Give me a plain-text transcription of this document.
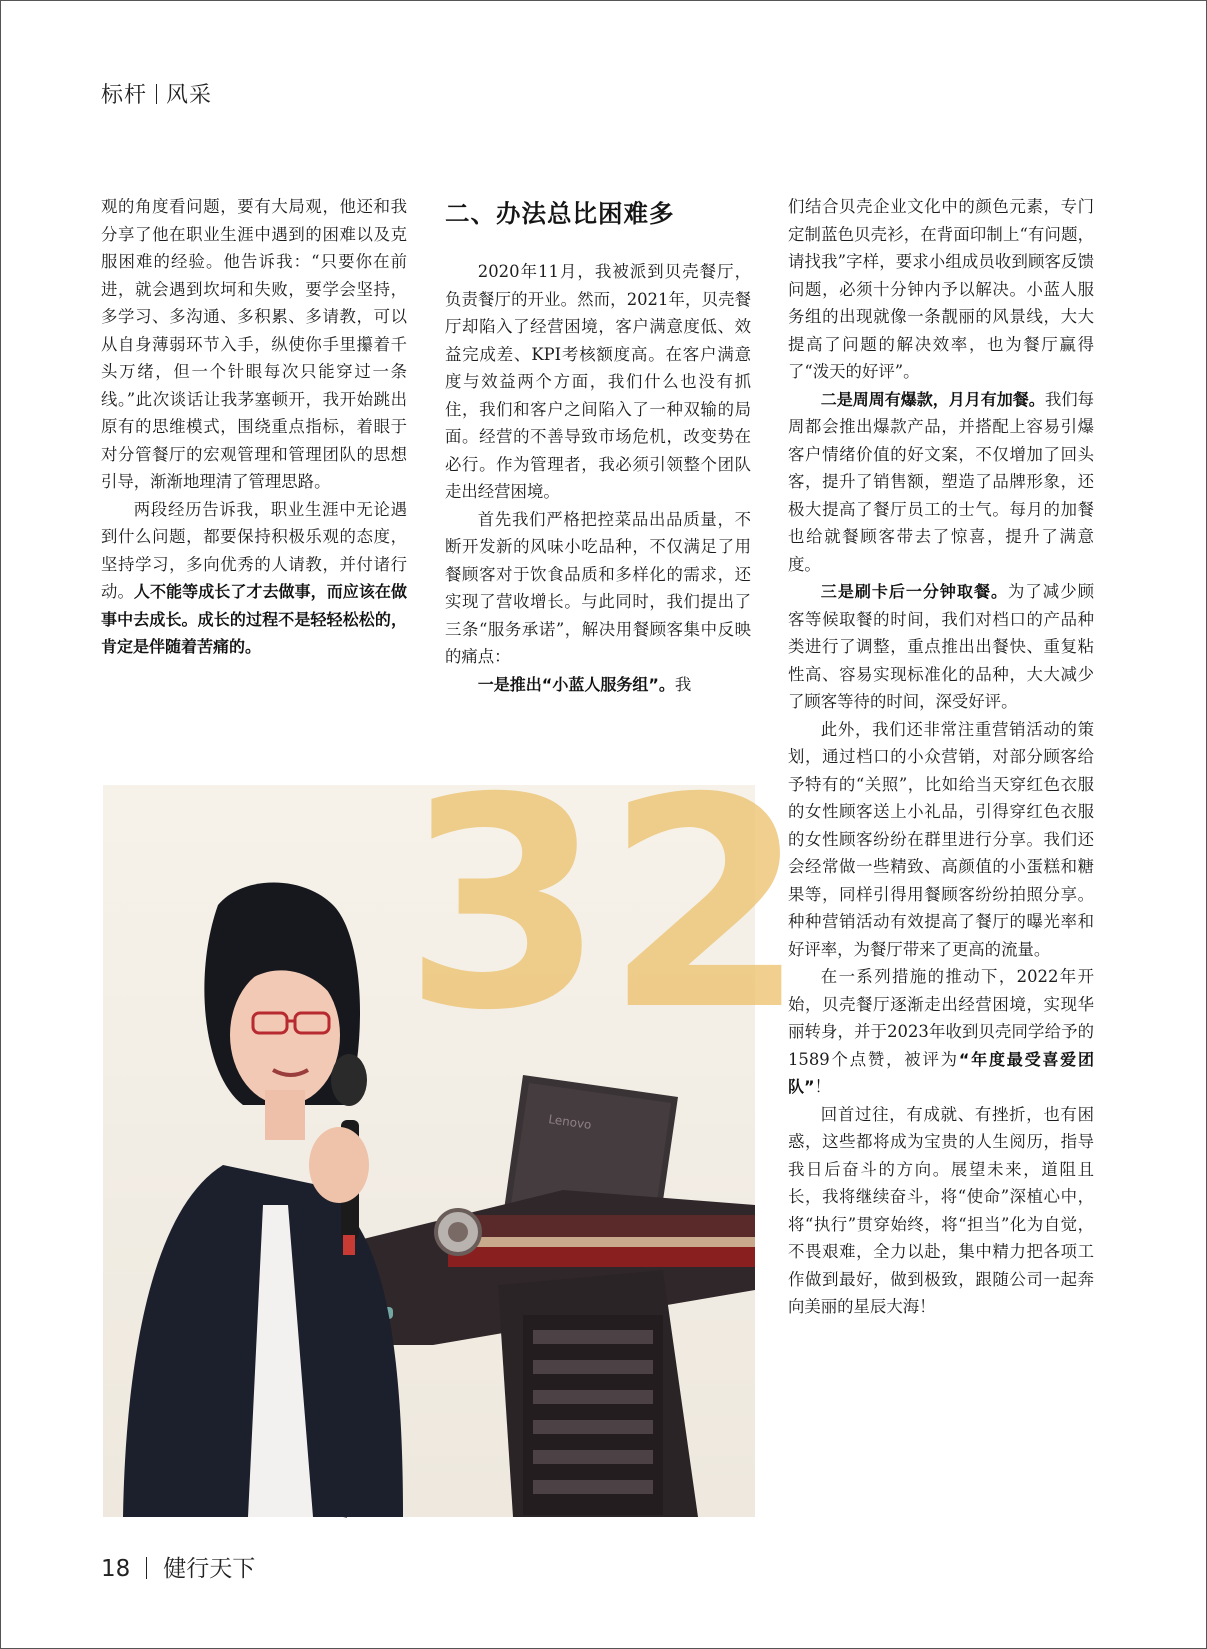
标杆 风采

观的角度看问题，要有大局观，他还和我分享了他在职业生涯中遇到的困难以及克服困难的经验。他告诉我：“只要你在前进，就会遇到坎坷和失败，要学会坚持，多学习、多沟通、多积累、多请教，可以从自身薄弱环节入手，纵使你手里攥着千头万绪，但一个针眼每次只能穿过一条线。”此次谈话让我茅塞顿开，我开始跳出原有的思维模式，围绕重点指标，着眼于对分管餐厅的宏观管理和管理团队的思想引导，渐渐地理清了管理思路。

两段经历告诉我，职业生涯中无论遇到什么问题，都要保持积极乐观的态度，坚持学习，多向优秀的人请教，并付诸行动。人不能等成长了才去做事，而应该在做事中去成长。成长的过程不是轻轻松松的，肯定是伴随着苦痛的。

二、办法总比困难多

2020年11月，我被派到贝壳餐厅，负责餐厅的开业。然而，2021年，贝壳餐厅却陷入了经营困境，客户满意度低、效益完成差、KPI考核额度高。在客户满意度与效益两个方面，我们什么也没有抓住，我们和客户之间陷入了一种双输的局面。经营的不善导致市场危机，改变势在必行。作为管理者，我必须引领整个团队走出经营困境。

首先我们严格把控菜品出品质量，不断开发新的风味小吃品种，不仅满足了用餐顾客对于饮食品质和多样化的需求，还实现了营收增长。与此同时，我们提出了三条“服务承诺”，解决用餐顾客集中反映的痛点：

一是推出“小蓝人服务组”。我

们结合贝壳企业文化中的颜色元素，专门定制蓝色贝壳衫，在背面印制上“有问题，请找我”字样，要求小组成员收到顾客反馈问题，必须十分钟内予以解决。小蓝人服务组的出现就像一条靓丽的风景线，大大提高了问题的解决效率，也为餐厅赢得了“泼天的好评”。

二是周周有爆款，月月有加餐。我们每周都会推出爆款产品，并搭配上容易引爆客户情绪价值的好文案，不仅增加了回头客，提升了销售额，塑造了品牌形象，还极大提高了餐厅员工的士气。每月的加餐也给就餐顾客带去了惊喜，提升了满意度。

三是刷卡后一分钟取餐。为了减少顾客等候取餐的时间，我们对档口的产品种类进行了调整，重点推出出餐快、重复粘性高、容易实现标准化的品种，大大减少了顾客等待的时间，深受好评。

此外，我们还非常注重营销活动的策划，通过档口的小众营销，对部分顾客给予特有的“关照”，比如给当天穿红色衣服的女性顾客送上小礼品，引得穿红色衣服的女性顾客纷纷在群里进行分享。我们还会经常做一些精致、高颜值的小蛋糕和糖果等，同样引得用餐顾客纷纷拍照分享。种种营销活动有效提高了餐厅的曝光率和好评率，为餐厅带来了更高的流量。

在一系列措施的推动下，2022年开始，贝壳餐厅逐渐走出经营困境，实现华丽转身，并于2023年收到贝壳同学给予的1589个点赞，被评为“年度最受喜爱团队”！

回首过往，有成就、有挫折，也有困惑，这些都将成为宝贵的人生阅历，指导我日后奋斗的方向。展望未来，道阻且长，我将继续奋斗，将“使命”深植心中，将“执行”贯穿始终，将“担当”化为自觉，不畏艰难，全力以赴，集中精力把各项工作做到最好，做到极致，跟随公司一起奔向美丽的星辰大海！

32
Lenovo
18 健行天下
